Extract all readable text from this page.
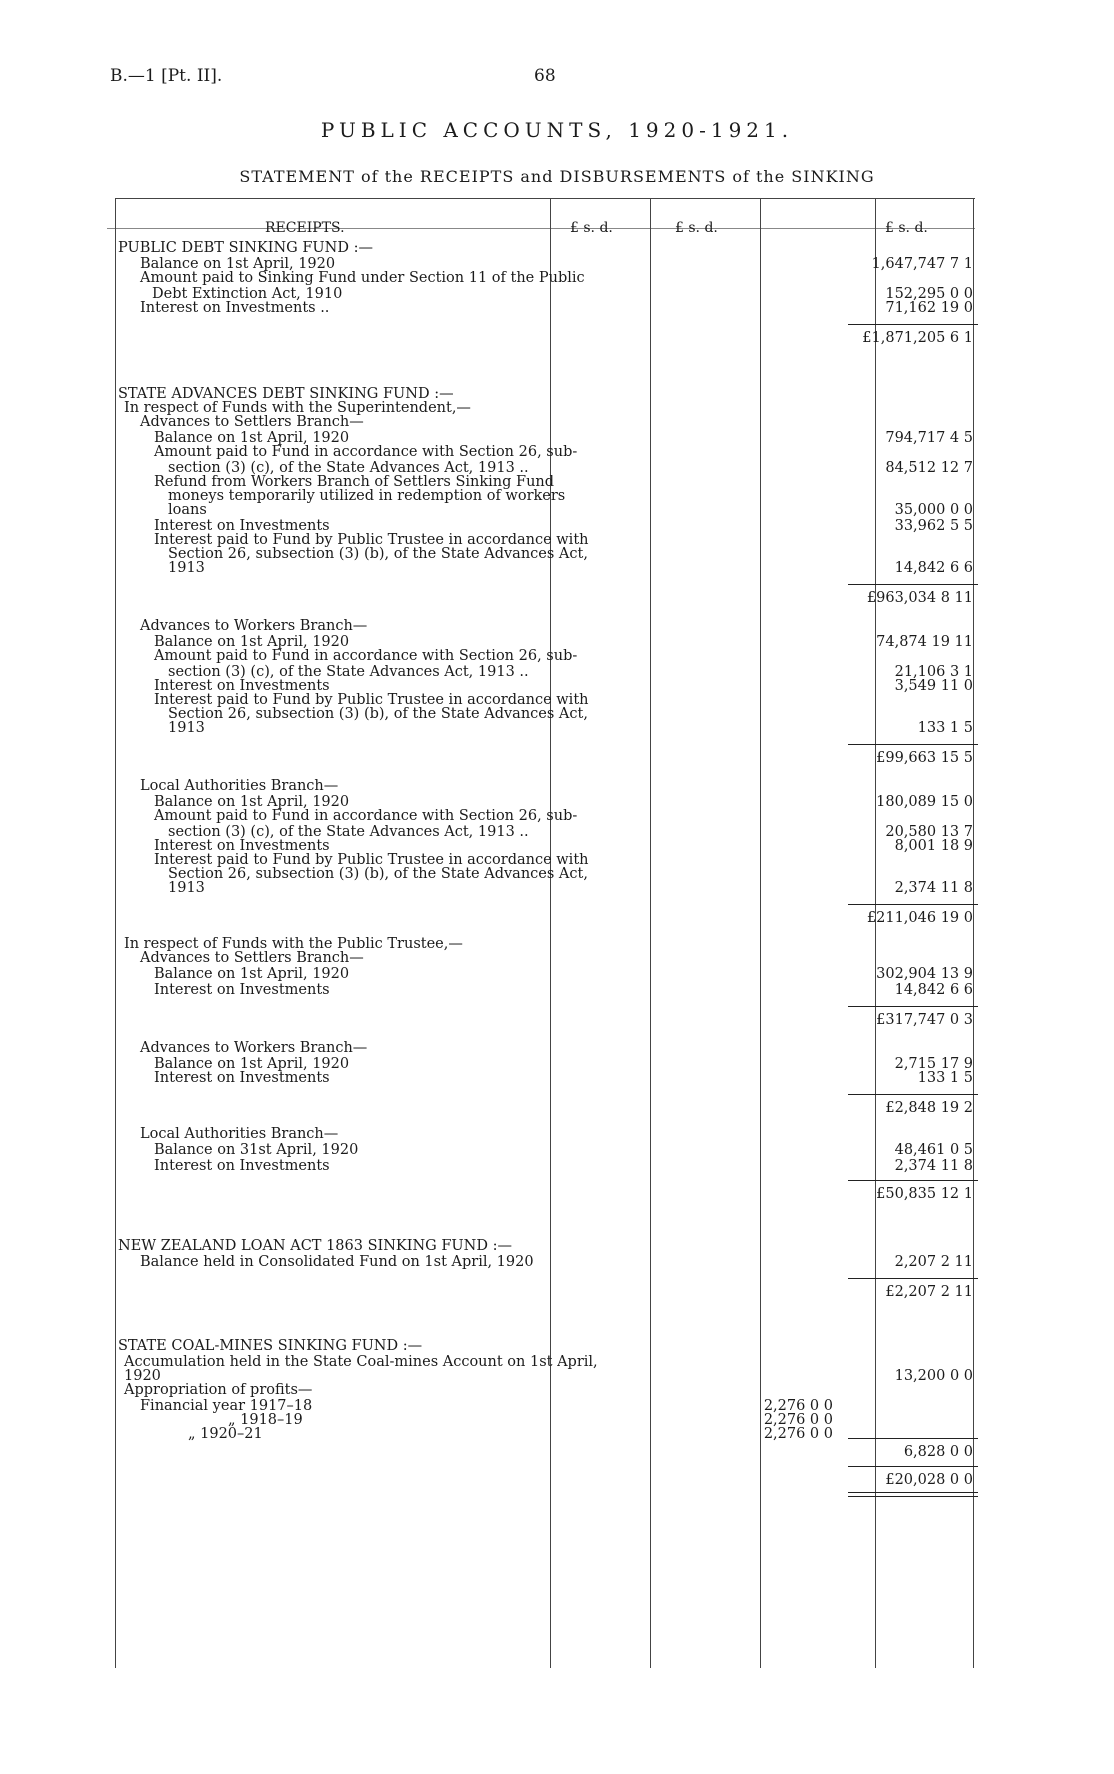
B.—1 [Pt. II].	68
PUBLIC ACCOUNTS, 1920-1921.
STATEMENT of the RECEIPTS and DISBURSEMENTS of the SINKING
RECEIPTS.	£ s. d.	£ s. d.	£ s. d.
PUBLIC DEBT SINKING FUND :—
Balance on 1st April, 1920	1,647,747 7 1
Amount paid to Sinking Fund under Section 11 of the Public
Debt Extinction Act, 1910	152,295 0 0
Interest on Investments ..	71,162 19 0
£1,871,205 6 1
STATE ADVANCES DEBT SINKING FUND :—
In respect of Funds with the Superintendent,—
Advances to Settlers Branch—
Balance on 1st April, 1920	794,717 4 5
Amount paid to Fund in accordance with Section 26, sub-
section (3) (c), of the State Advances Act, 1913 ..	84,512 12 7
Refund from Workers Branch of Settlers Sinking Fund
moneys temporarily utilized in redemption of workers
loans	35,000 0 0
Interest on Investments	33,962 5 5
Interest paid to Fund by Public Trustee in accordance with
Section 26, subsection (3) (b), of the State Advances Act,
1913	14,842 6 6
£963,034 8 11
Advances to Workers Branch—
Balance on 1st April, 1920	74,874 19 11
Amount paid to Fund in accordance with Section 26, sub-
section (3) (c), of the State Advances Act, 1913 ..	21,106 3 1
Interest on Investments	3,549 11 0
Interest paid to Fund by Public Trustee in accordance with
Section 26, subsection (3) (b), of the State Advances Act,
1913	133 1 5
£99,663 15 5
Local Authorities Branch—
Balance on 1st April, 1920	180,089 15 0
Amount paid to Fund in accordance with Section 26, sub-
section (3) (c), of the State Advances Act, 1913 ..	20,580 13 7
Interest on Investments	8,001 18 9
Interest paid to Fund by Public Trustee in accordance with
Section 26, subsection (3) (b), of the State Advances Act,
1913	2,374 11 8
£211,046 19 0
In respect of Funds with the Public Trustee,—
Advances to Settlers Branch—
Balance on 1st April, 1920	302,904 13 9
Interest on Investments	14,842 6 6
£317,747 0 3
Advances to Workers Branch—
Balance on 1st April, 1920	2,715 17 9
Interest on Investments	133 1 5
£2,848 19 2
Local Authorities Branch—
Balance on 31st April, 1920	48,461 0 5
Interest on Investments	2,374 11 8
£50,835 12 1
NEW ZEALAND LOAN ACT 1863 SINKING FUND :—
Balance held in Consolidated Fund on 1st April, 1920	2,207 2 11
£2,207 2 11
STATE COAL-MINES SINKING FUND :—
Accumulation held in the State Coal-mines Account on 1st April,
1920	13,200 0 0
Appropriation of profits—
Financial year 1917–18	2,276 0 0
„ 1918–19	2,276 0 0
„ 1920–21	2,276 0 0
6,828 0 0
£20,028 0 0
